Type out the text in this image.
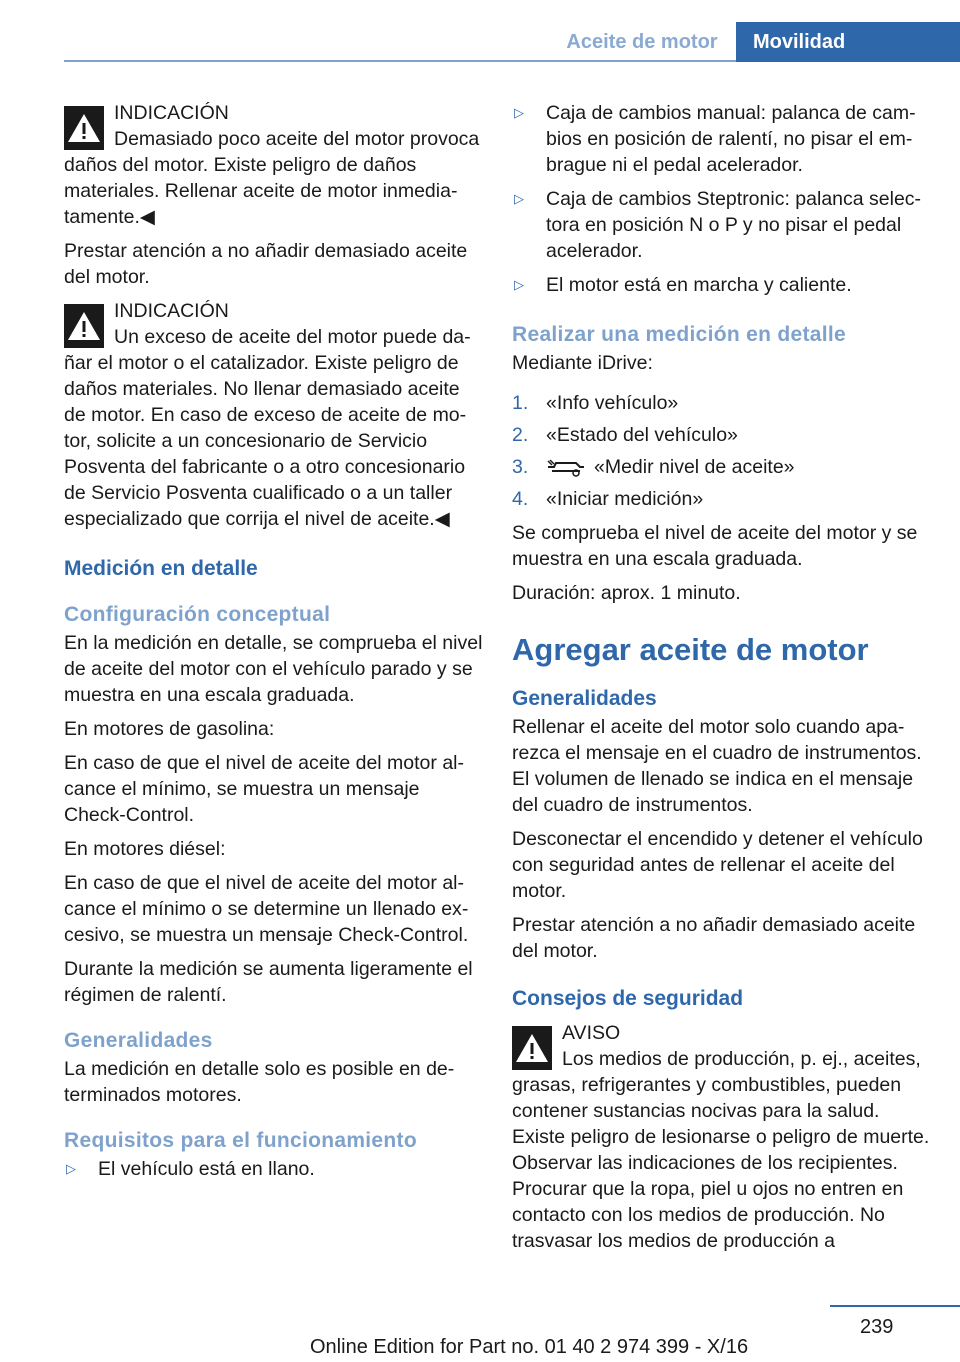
Aceite de motor	Movilidad
INDICACIÓN
Demasiado poco aceite del motor provoca daños del motor. Existe peligro de daños materiales. Rellenar aceite de motor inmediatamente.◀

Prestar atención a no añadir demasiado aceite del motor.

INDICACIÓN
Un exceso de aceite del motor puede dañar el motor o el catalizador. Existe peligro de daños materiales. No llenar demasiado aceite de motor. En caso de exceso de aceite de motor, solicite a un concesionario de Servicio Posventa del fabricante o a otro concesionario de Servicio Posventa cualificado o a un taller especializado que corrija el nivel de aceite.◀
Medición en detalle
Configuración conceptual

En la medición en detalle, se comprueba el nivel de aceite del motor con el vehículo parado y se muestra en una escala graduada.

En motores de gasolina:

En caso de que el nivel de aceite del motor alcance el mínimo, se muestra un mensaje Check-Control.

En motores diésel:

En caso de que el nivel de aceite del motor alcance el mínimo o se determine un llenado excesivo, se muestra un mensaje Check-Control.

Durante la medición se aumenta ligeramente el régimen de ralentí.

Generalidades

La medición en detalle solo es posible en determinados motores.

Requisitos para el funcionamiento
▷ El vehículo está en llano.
▷ Caja de cambios manual: palanca de cambios en posición de ralentí, no pisar el embrague ni el pedal acelerador.
▷ Caja de cambios Steptronic: palanca selectora en posición N o P y no pisar el pedal acelerador.
▷ El motor está en marcha y caliente.
Realizar una medición en detalle

Mediante iDrive:

1. «Info vehículo»
2. «Estado del vehículo»
3.	«Medir nivel de aceite»
4. «Iniciar medición»

Se comprueba el nivel de aceite del motor y se muestra en una escala graduada.

Duración: aprox. 1 minuto.

Agregar aceite de motor
Generalidades

Rellenar el aceite del motor solo cuando aparezca el mensaje en el cuadro de instrumentos. El volumen de llenado se indica en el mensaje del cuadro de instrumentos.

Desconectar el encendido y detener el vehículo con seguridad antes de rellenar el aceite del motor.

Prestar atención a no añadir demasiado aceite del motor.

Consejos de seguridad
AVISO
Los medios de producción, p. ej., aceites, grasas, refrigerantes y combustibles, pueden contener sustancias nocivas para la salud. Existe peligro de lesionarse o peligro de muerte. Observar las indicaciones de los recipientes. Procurar que la ropa, piel u ojos no entren en contacto con los medios de producción. No trasvasar los medios de producción a
239
Online Edition for Part no. 01 40 2 974 399 - X/16
